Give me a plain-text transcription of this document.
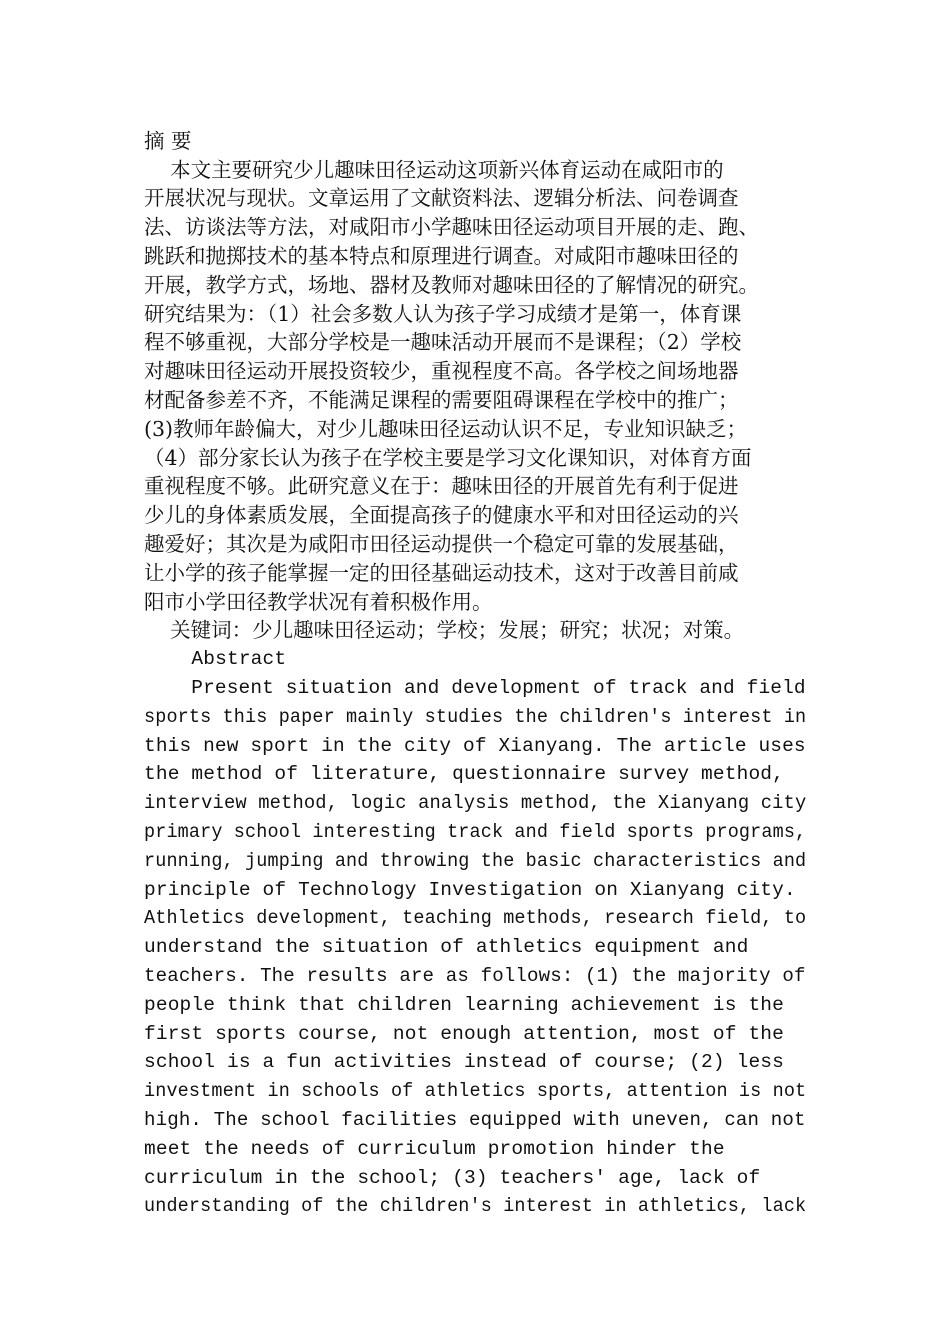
摘 要

本文主要研究少儿趣味田径运动这项新兴体育运动在咸阳市的

开展状况与现状。文章运用了文献资料法、逻辑分析法、问卷调查

法、访谈法等方法，对咸阳市小学趣味田径运动项目开展的走、跑、

跳跃和抛掷技术的基本特点和原理进行调查。对咸阳市趣味田径的

开展，教学方式，场地、器材及教师对趣味田径的了解情况的研究。

研究结果为：（1）社会多数人认为孩子学习成绩才是第一，体育课

程不够重视，大部分学校是一趣味活动开展而不是课程；（2）学校

对趣味田径运动开展投资较少，重视程度不高。各学校之间场地器

材配备参差不齐，不能满足课程的需要阻碍课程在学校中的推广；

(3)教师年龄偏大，对少儿趣味田径运动认识不足，专业知识缺乏；

（4）部分家长认为孩子在学校主要是学习文化课知识，对体育方面

重视程度不够。此研究意义在于：趣味田径的开展首先有利于促进

少儿的身体素质发展，全面提高孩子的健康水平和对田径运动的兴

趣爱好；其次是为咸阳市田径运动提供一个稳定可靠的发展基础，

让小学的孩子能掌握一定的田径基础运动技术，这对于改善目前咸

阳市小学田径教学状况有着积极作用。

关键词：少儿趣味田径运动；学校；发展；研究；状况；对策。

Abstract

Present situation and development of track and field

sports this paper mainly studies the children's interest in

this new sport in the city of Xianyang. The article uses

the method of literature, questionnaire survey method,

interview method, logic analysis method, the Xianyang city

primary school interesting track and field sports programs,

running, jumping and throwing the basic characteristics and

principle of Technology Investigation on Xianyang city.

Athletics development, teaching methods, research field, to

understand the situation of athletics equipment and

teachers. The results are as follows: (1) the majority of

people think that children learning achievement is the

first sports course, not enough attention, most of the

school is a fun activities instead of course; (2) less

investment in schools of athletics sports, attention is not

high. The school facilities equipped with uneven, can not

meet the needs of curriculum promotion hinder the

curriculum in the school; (3) teachers' age, lack of

understanding of the children's interest in athletics, lack
